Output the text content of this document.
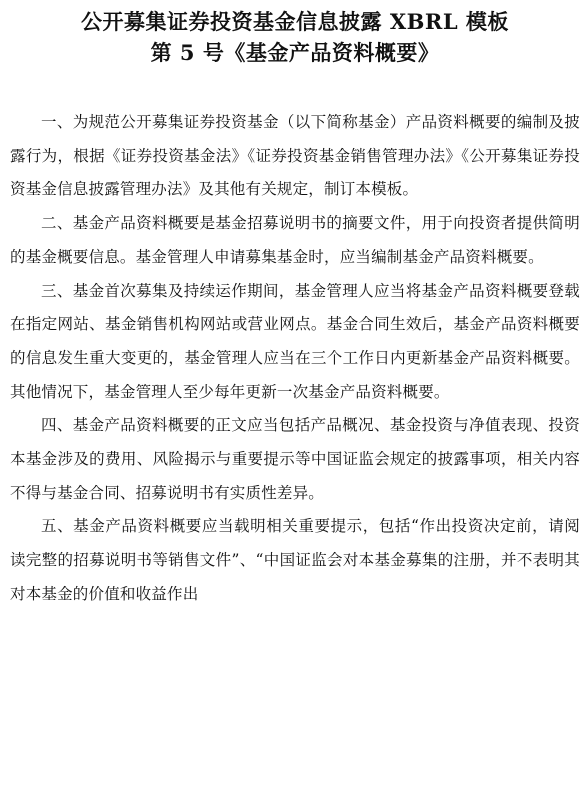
公开募集证券投资基金信息披露 XBRL 模板
第 5 号《基金产品资料概要》

一、为规范公开募集证券投资基金（以下简称基金）产品资料概要的编制及披露行为，根据《证券投资基金法》《证券投资基金销售管理办法》《公开募集证券投资基金信息披露管理办法》及其他有关规定，制订本模板。

二、基金产品资料概要是基金招募说明书的摘要文件，用于向投资者提供简明的基金概要信息。基金管理人申请募集基金时，应当编制基金产品资料概要。

三、基金首次募集及持续运作期间，基金管理人应当将基金产品资料概要登载在指定网站、基金销售机构网站或营业网点。基金合同生效后，基金产品资料概要的信息发生重大变更的，基金管理人应当在三个工作日内更新基金产品资料概要。其他情况下，基金管理人至少每年更新一次基金产品资料概要。

四、基金产品资料概要的正文应当包括产品概况、基金投资与净值表现、投资本基金涉及的费用、风险揭示与重要提示等中国证监会规定的披露事项，相关内容不得与基金合同、招募说明书有实质性差异。

五、基金产品资料概要应当载明相关重要提示，包括“作出投资决定前，请阅读完整的招募说明书等销售文件”、“中国证监会对本基金募集的注册，并不表明其对本基金的价值和收益作出
